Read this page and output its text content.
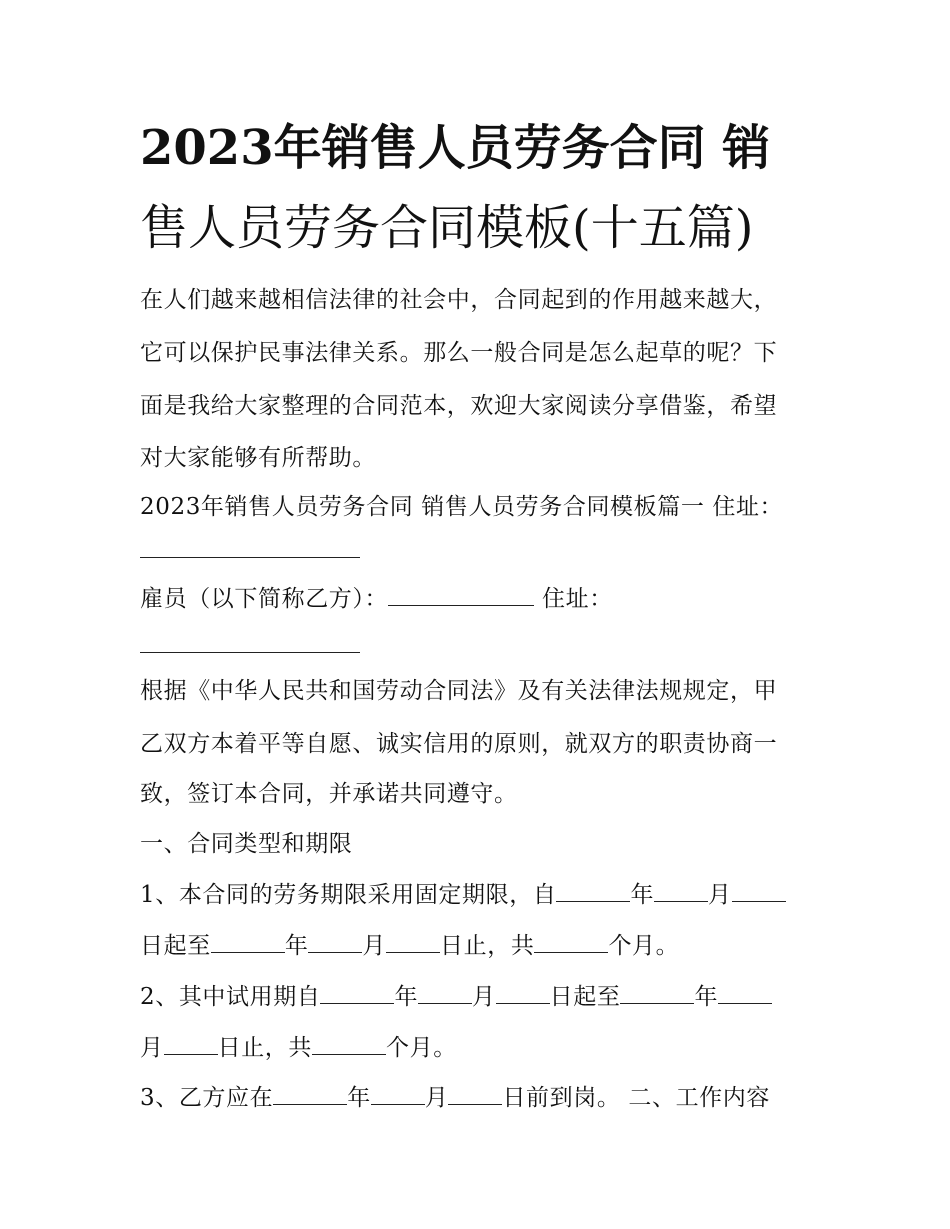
2023年销售人员劳务合同 销
售人员劳务合同模板(十五篇)
在人们越来越相信法律的社会中，合同起到的作用越来越大，
它可以保护民事法律关系。那么一般合同是怎么起草的呢？下
面是我给大家整理的合同范本，欢迎大家阅读分享借鉴，希望
对大家能够有所帮助。
2023年销售人员劳务合同 销售人员劳务合同模板篇一 住址：
雇员（以下简称乙方）：	住址：
根据《中华人民共和国劳动合同法》及有关法律法规规定，甲
乙双方本着平等自愿、诚实信用的原则，就双方的职责协商一
致，签订本合同，并承诺共同遵守。
一、合同类型和期限
1、本合同的劳务期限采用固定期限，自	年 月
日起至	年 月 日止，共	个月。
2、其中试用期自	年 月 日起至	年
月 日止，共	个月。
3、乙方应在	年 月 日前到岗。 二、工作内容
